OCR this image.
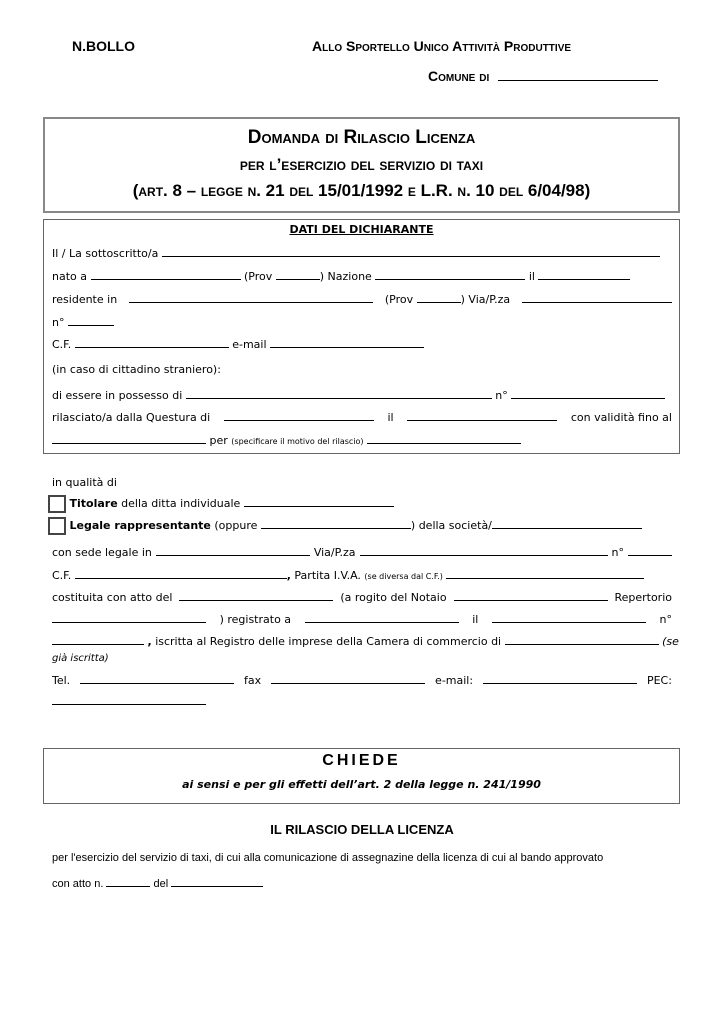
N.BOLLO	Allo Sportello Unico Attività Produttive
Comune di
Domanda di Rilascio Licenza
per l’esercizio del servizio di taxi
(art. 8 – legge n. 21 del 15/01/1992 e L.R. n. 10 del 6/04/98)
DATI DEL DICHIARANTE
Il / La sottoscritto/a
nato a	(Prov	) Nazione	il
residente in	(Prov	) Via/P.za
n°
C.F.	e-mail
(in caso di cittadino straniero):
di essere in possesso di	n°
rilasciato/a dalla Questura di	il	con validità fino al
per (specificare il motivo del rilascio)
in qualità di
Titolare della ditta individuale
Legale rappresentante (oppure	) della società/
con sede legale in	Via/P.za	n°
C.F.	, Partita I.V.A. (se diversa dal C.F.)
costituita con atto del	(a rogito del Notaio	Repertorio
) registrato a	il	n°
, iscritta al Registro delle imprese della Camera di commercio di	(se
già iscritta)
Tel.	fax	e-mail:	PEC:
CHIEDE
ai sensi e per gli effetti dell’art. 2 della legge n. 241/1990
IL RILASCIO DELLA LICENZA
per l'esercizio del servizio di taxi, di cui alla comunicazione di assegnazine della licenza di cui al bando approvato
con atto n.	del
